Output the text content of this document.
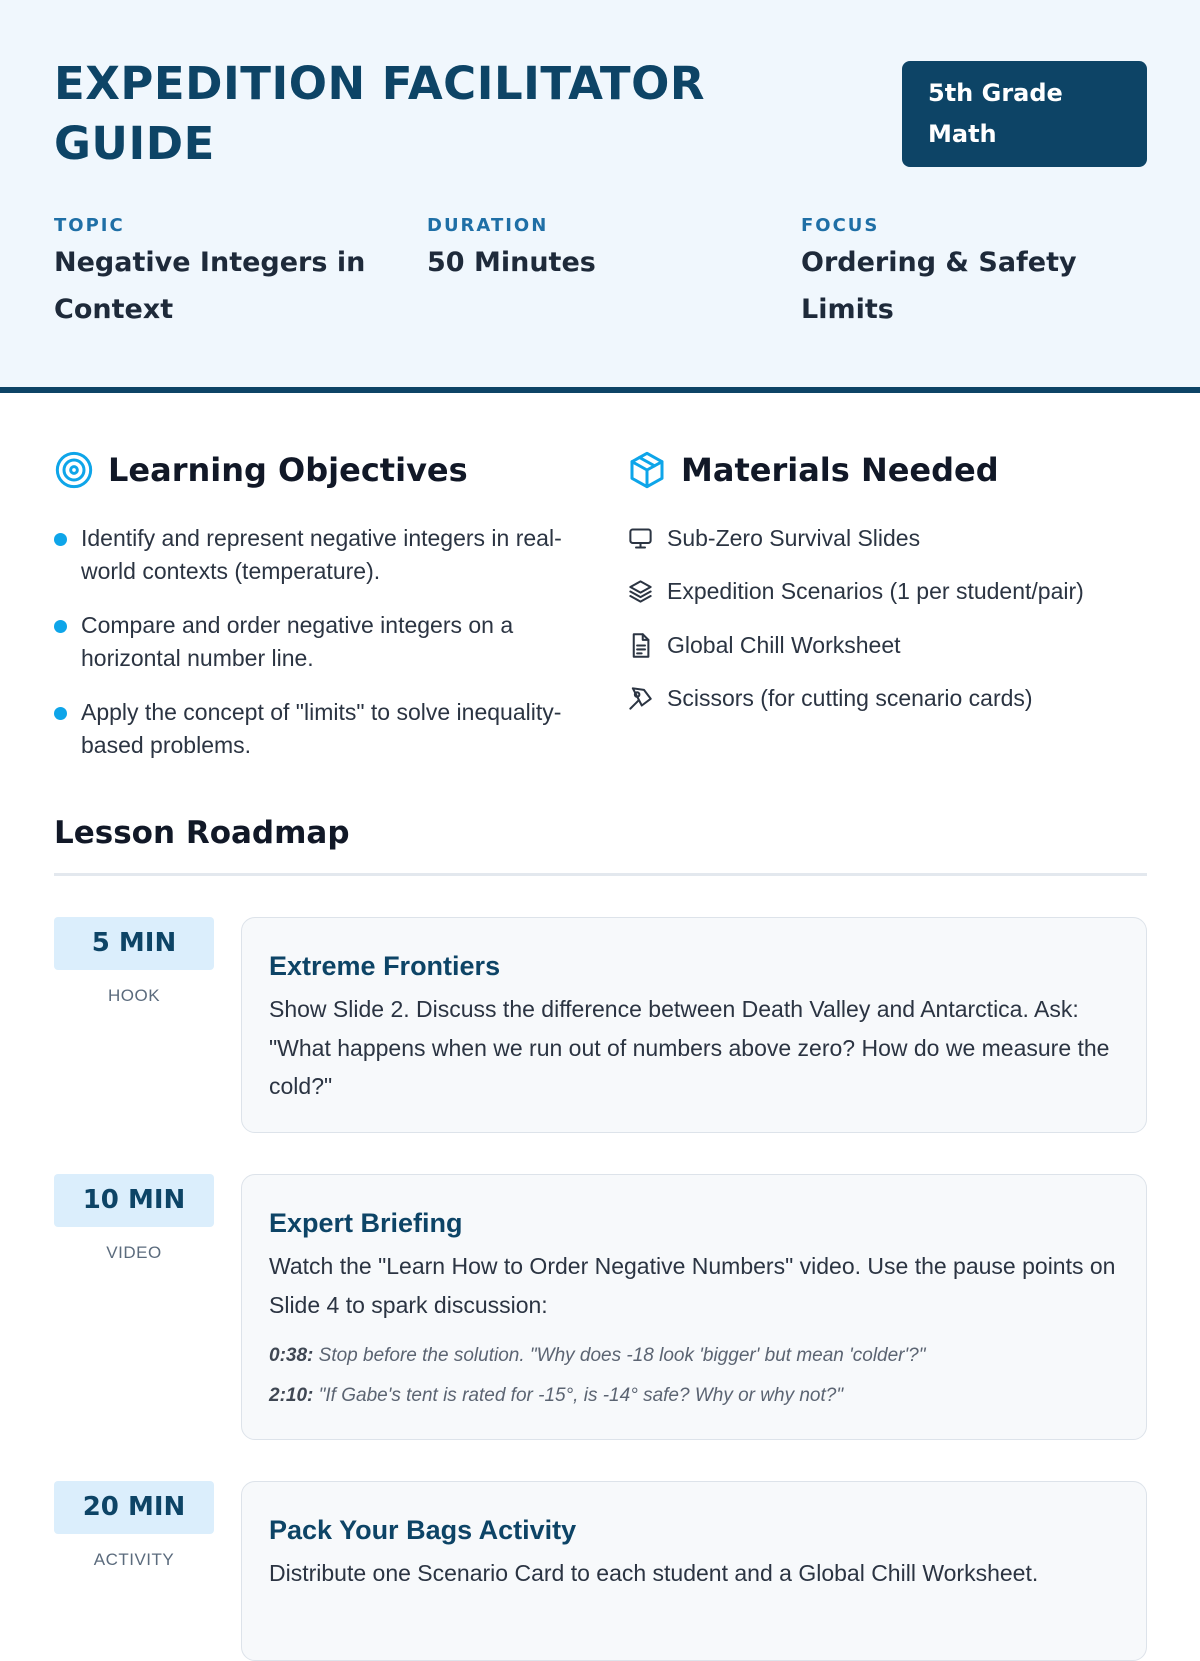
EXPEDITION FACILITATOR GUIDE
5th Grade Math
TOPIC
Negative Integers in Context
DURATION
50 Minutes
FOCUS
Ordering & Safety Limits
Learning Objectives
Identify and represent negative integers in real-world contexts (temperature).
Compare and order negative integers on a horizontal number line.
Apply the concept of "limits" to solve inequality-based problems.
Materials Needed
Sub-Zero Survival Slides
Expedition Scenarios (1 per student/pair)
Global Chill Worksheet
Scissors (for cutting scenario cards)
Lesson Roadmap
5 MIN
HOOK
Extreme Frontiers
Show Slide 2. Discuss the difference between Death Valley and Antarctica. Ask: "What happens when we run out of numbers above zero? How do we measure the cold?"
10 MIN
VIDEO
Expert Briefing
Watch the "Learn How to Order Negative Numbers" video. Use the pause points on Slide 4 to spark discussion:
0:38: Stop before the solution. "Why does -18 look 'bigger' but mean 'colder'?"
2:10: "If Gabe's tent is rated for -15°, is -14° safe? Why or why not?"
20 MIN
ACTIVITY
Pack Your Bags Activity
Distribute one Scenario Card to each student and a Global Chill Worksheet.
